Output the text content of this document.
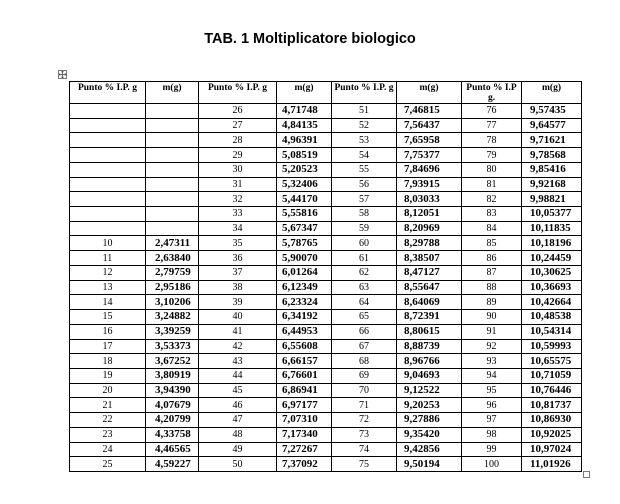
TAB. 1 Moltiplicatore biologico
Punto % I.P. g	m(g)	Punto % I.P. g	m(g)	Punto % I.P. g	m(g)	Punto % I.P g.	m(g)

		26	4,71748	51	7,46815	76	9,57435
		27	4,84135	52	7,56437	77	9,64577
		28	4,96391	53	7,65958	78	9,71621
		29	5,08519	54	7,75377	79	9,78568
		30	5,20523	55	7,84696	80	9,85416
		31	5,32406	56	7,93915	81	9,92168
		32	5,44170	57	8,03033	82	9,98821
		33	5,55816	58	8,12051	83	10,05377
		34	5,67347	59	8,20969	84	10,11835
10	2,47311	35	5,78765	60	8,29788	85	10,18196
11	2,63840	36	5,90070	61	8,38507	86	10,24459
12	2,79759	37	6,01264	62	8,47127	87	10,30625
13	2,95186	38	6,12349	63	8,55647	88	10,36693
14	3,10206	39	6,23324	64	8,64069	89	10,42664
15	3,24882	40	6,34192	65	8,72391	90	10,48538
16	3,39259	41	6,44953	66	8,80615	91	10,54314
17	3,53373	42	6,55608	67	8,88739	92	10,59993
18	3,67252	43	6,66157	68	8,96766	93	10,65575
19	3,80919	44	6,76601	69	9,04693	94	10,71059
20	3,94390	45	6,86941	70	9,12522	95	10,76446
21	4,07679	46	6,97177	71	9,20253	96	10,81737
22	4,20799	47	7,07310	72	9,27886	97	10,86930
23	4,33758	48	7,17340	73	9,35420	98	10,92025
24	4,46565	49	7,27267	74	9,42856	99	10,97024
25	4,59227	50	7,37092	75	9,50194	100	11,01926
